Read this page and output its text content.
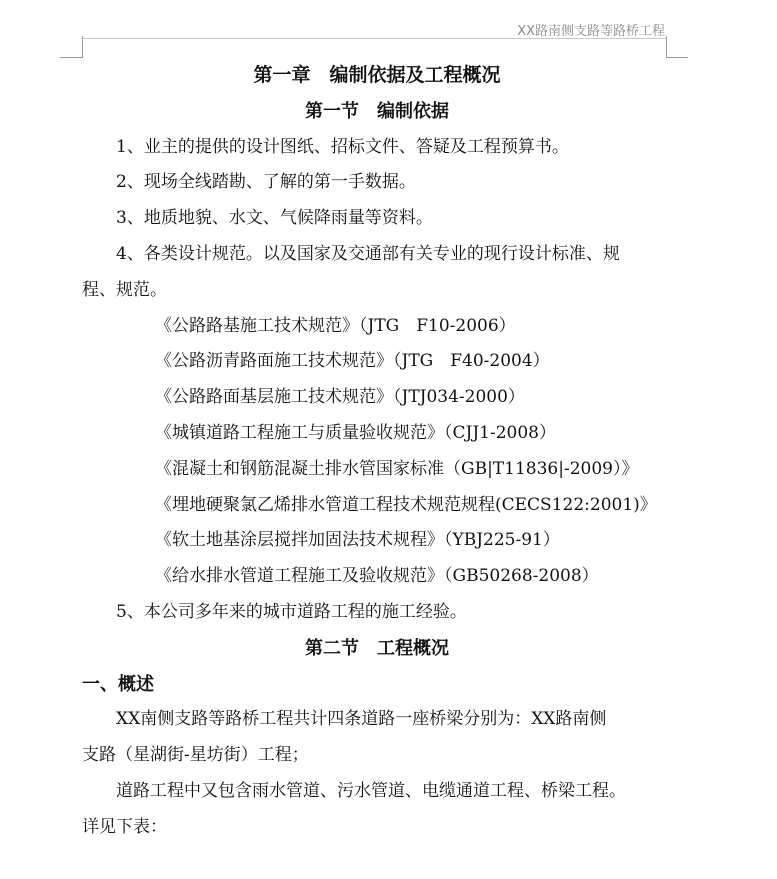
XX路南侧支路等路桥工程
第一章　编制依据及工程概况
第一节　编制依据
1、业主的提供的设计图纸、招标文件、答疑及工程预算书。
2、现场全线踏勘、了解的第一手数据。
3、地质地貌、水文、气候降雨量等资料。
4、各类设计规范。以及国家及交通部有关专业的现行设计标准、规
程、规范。
《公路路基施工技术规范》（JTG　F10-2006）
《公路沥青路面施工技术规范》（JTG　F40-2004）
《公路路面基层施工技术规范》（JTJ034-2000）
《城镇道路工程施工与质量验收规范》（CJJ1-2008）
《混凝土和钢筋混凝土排水管国家标准（GB|T11836|-2009）》
《埋地硬聚氯乙烯排水管道工程技术规范规程(CECS122:2001)》
《软土地基涂层搅拌加固法技术规程》（YBJ225-91）
《给水排水管道工程施工及验收规范》（GB50268-2008）
5、本公司多年来的城市道路工程的施工经验。
第二节　工程概况
一、概述
XX南侧支路等路桥工程共计四条道路一座桥梁分别为：XX路南侧
支路（星湖街-星坊街）工程；
道路工程中又包含雨水管道、污水管道、电缆通道工程、桥梁工程。
详见下表：
